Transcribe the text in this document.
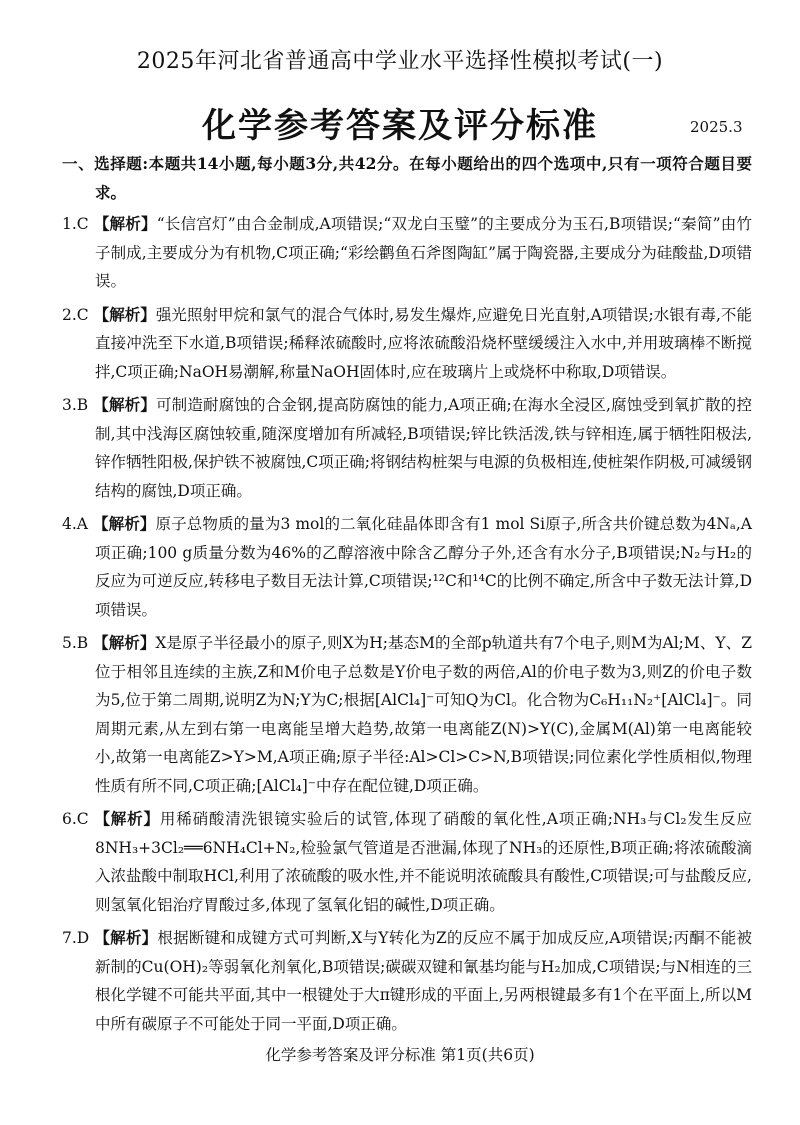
2025年河北省普通高中学业水平选择性模拟考试(一)
化学参考答案及评分标准	2025.3
一、选择题:本题共14小题,每小题3分,共42分。在每小题给出的四个选项中,只有一项符合题目要求。
1.C 【解析】“长信宫灯”由合金制成,A项错误;“双龙白玉璧”的主要成分为玉石,B项错误;“秦简”由竹子制成,主要成分为有机物,C项正确;“彩绘鹳鱼石斧图陶缸”属于陶瓷器,主要成分为硅酸盐,D项错误。
2.C 【解析】强光照射甲烷和氯气的混合气体时,易发生爆炸,应避免日光直射,A项错误;水银有毒,不能直接冲洗至下水道,B项错误;稀释浓硫酸时,应将浓硫酸沿烧杯壁缓缓注入水中,并用玻璃棒不断搅拌,C项正确;NaOH易潮解,称量NaOH固体时,应在玻璃片上或烧杯中称取,D项错误。
3.B 【解析】可制造耐腐蚀的合金钢,提高防腐蚀的能力,A项正确;在海水全浸区,腐蚀受到氧扩散的控制,其中浅海区腐蚀较重,随深度增加有所减轻,B项错误;锌比铁活泼,铁与锌相连,属于牺牲阳极法,锌作牺牲阳极,保护铁不被腐蚀,C项正确;将钢结构桩架与电源的负极相连,使桩架作阴极,可减缓钢结构的腐蚀,D项正确。
4.A 【解析】原子总物质的量为3 mol的二氧化硅晶体即含有1 mol Si原子,所含共价键总数为4Nₐ,A项正确;100 g质量分数为46%的乙醇溶液中除含乙醇分子外,还含有水分子,B项错误;N₂与H₂的反应为可逆反应,转移电子数目无法计算,C项错误;¹²C和¹⁴C的比例不确定,所含中子数无法计算,D项错误。
5.B 【解析】X是原子半径最小的原子,则X为H;基态M的全部p轨道共有7个电子,则M为Al;M、Y、Z位于相邻且连续的主族,Z和M价电子总数是Y价电子数的两倍,Al的价电子数为3,则Z的价电子数为5,位于第二周期,说明Z为N;Y为C;根据[AlCl₄]⁻可知Q为Cl。化合物为C₆H₁₁N₂⁺[AlCl₄]⁻。同周期元素,从左到右第一电离能呈增大趋势,故第一电离能Z(N)>Y(C),金属M(Al)第一电离能较小,故第一电离能Z>Y>M,A项正确;原子半径:Al>Cl>C>N,B项错误;同位素化学性质相似,物理性质有所不同,C项正确;[AlCl₄]⁻中存在配位键,D项正确。
6.C 【解析】用稀硝酸清洗银镜实验后的试管,体现了硝酸的氧化性,A项正确;NH₃与Cl₂发生反应8NH₃+3Cl₂══6NH₄Cl+N₂,检验氯气管道是否泄漏,体现了NH₃的还原性,B项正确;将浓硫酸滴入浓盐酸中制取HCl,利用了浓硫酸的吸水性,并不能说明浓硫酸具有酸性,C项错误;可与盐酸反应,则氢氧化铝治疗胃酸过多,体现了氢氧化铝的碱性,D项正确。
7.D 【解析】根据断键和成键方式可判断,X与Y转化为Z的反应不属于加成反应,A项错误;丙酮不能被新制的Cu(OH)₂等弱氧化剂氧化,B项错误;碳碳双键和氰基均能与H₂加成,C项错误;与N相连的三根化学键不可能共平面,其中一根键处于大π键形成的平面上,另两根键最多有1个在平面上,所以M中所有碳原子不可能处于同一平面,D项正确。
化学参考答案及评分标准 第1页(共6页)
